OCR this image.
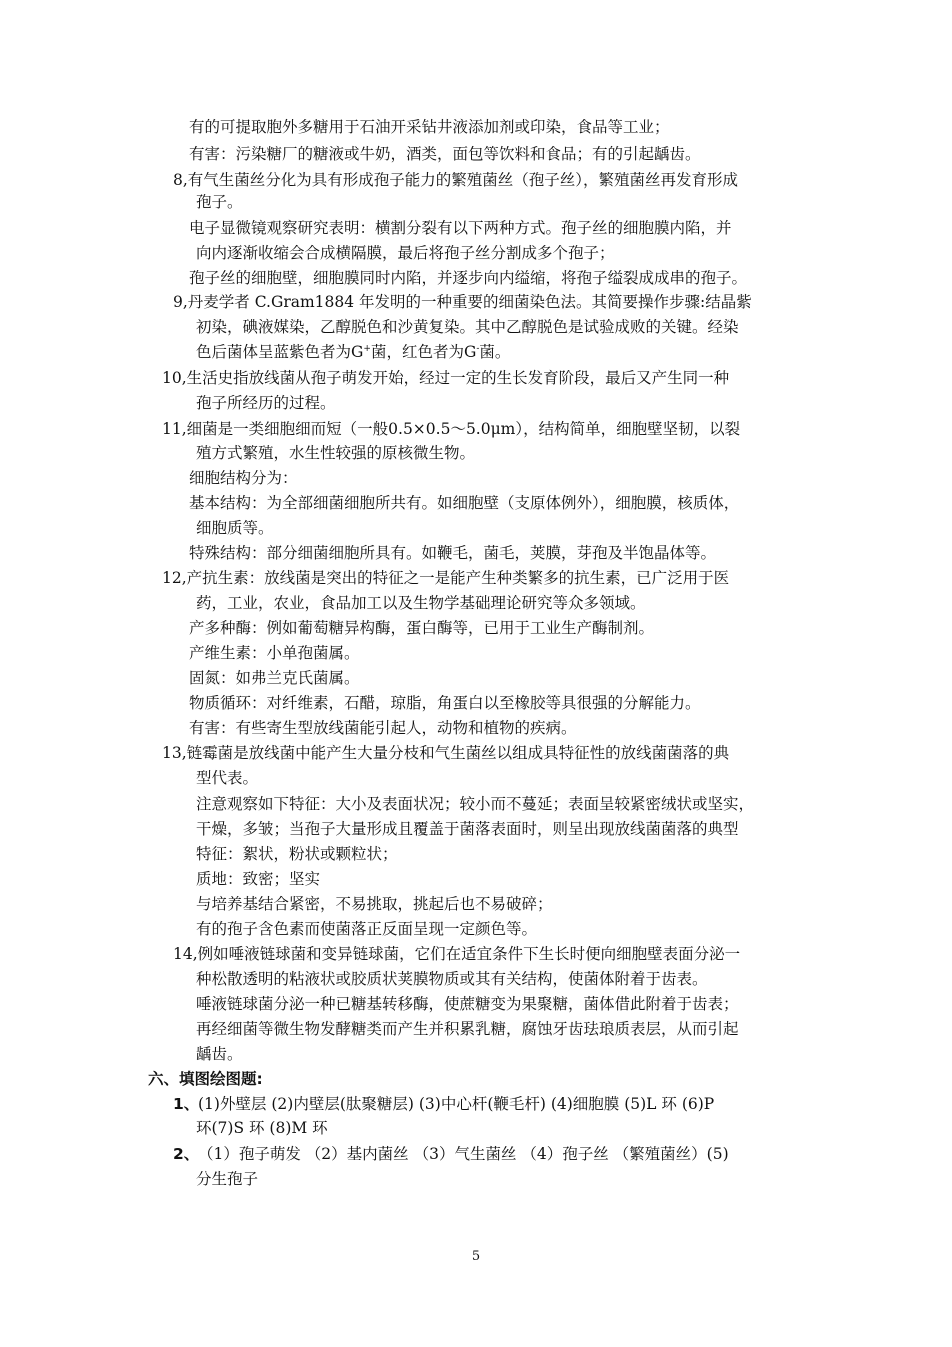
有的可提取胞外多糖用于石油开采钻井液添加剂或印染，食品等工业；
有害：污染糖厂的糖液或牛奶，酒类，面包等饮料和食品；有的引起龋齿。
8,有气生菌丝分化为具有形成孢子能力的繁殖菌丝（孢子丝），繁殖菌丝再发育形成
孢子。
电子显微镜观察研究表明：横割分裂有以下两种方式。孢子丝的细胞膜内陷，并
向内逐渐收缩会合成横隔膜，最后将孢子丝分割成多个孢子；
孢子丝的细胞壁，细胞膜同时内陷，并逐步向内缢缩，将孢子缢裂成成串的孢子。
9,丹麦学者 C.Gram1884 年发明的一种重要的细菌染色法。其简要操作步骤:结晶紫
初染，碘液媒染，乙醇脱色和沙黄复染。其中乙醇脱色是试验成败的关键。经染
色后菌体呈蓝紫色者为G+菌，红色者为G-菌。
10,生活史指放线菌从孢子萌发开始，经过一定的生长发育阶段，最后又产生同一种
孢子所经历的过程。
11,细菌是一类细胞细而短（一般0.5×0.5～5.0μm），结构简单，细胞壁坚韧，以裂
殖方式繁殖，水生性较强的原核微生物。
细胞结构分为：
基本结构：为全部细菌细胞所共有。如细胞壁（支原体例外），细胞膜，核质体，
细胞质等。
特殊结构：部分细菌细胞所具有。如鞭毛，菌毛，荚膜，芽孢及半饱晶体等。
12,产抗生素：放线菌是突出的特征之一是能产生种类繁多的抗生素，已广泛用于医
药，工业，农业，食品加工以及生物学基础理论研究等众多领域。
产多种酶：例如葡萄糖异构酶，蛋白酶等，已用于工业生产酶制剂。
产维生素：小单孢菌属。
固氮：如弗兰克氏菌属。
物质循环：对纤维素，石醋，琼脂，角蛋白以至橡胶等具很强的分解能力。
有害：有些寄生型放线菌能引起人，动物和植物的疾病。
13,链霉菌是放线菌中能产生大量分枝和气生菌丝以组成具特征性的放线菌菌落的典
型代表。
注意观察如下特征：大小及表面状况；较小而不蔓延；表面呈较紧密绒状或坚实，
干燥，多皱；当孢子大量形成且覆盖于菌落表面时，则呈出现放线菌菌落的典型
特征：絮状，粉状或颗粒状；
质地：致密；坚实
与培养基结合紧密，不易挑取，挑起后也不易破碎；
有的孢子含色素而使菌落正反面呈现一定颜色等。
14,例如唾液链球菌和变异链球菌，它们在适宜条件下生长时便向细胞壁表面分泌一
种松散透明的粘液状或胶质状荚膜物质或其有关结构，使菌体附着于齿表。
唾液链球菌分泌一种已糖基转移酶，使蔗糖变为果聚糖，菌体借此附着于齿表；
再经细菌等微生物发酵糖类而产生并积累乳糖，腐蚀牙齿珐琅质表层，从而引起
龋齿。
六、填图绘图题:
1、
(1)外壁层 (2)内壁层(肽聚糖层) (3)中心杆(鞭毛杆) (4)细胞膜 (5)L 环 (6)P
环(7)S 环 (8)M 环
2、
（1）孢子萌发 （2）基内菌丝 （3）气生菌丝 （4）孢子丝 （繁殖菌丝）(5)
分生孢子
5
